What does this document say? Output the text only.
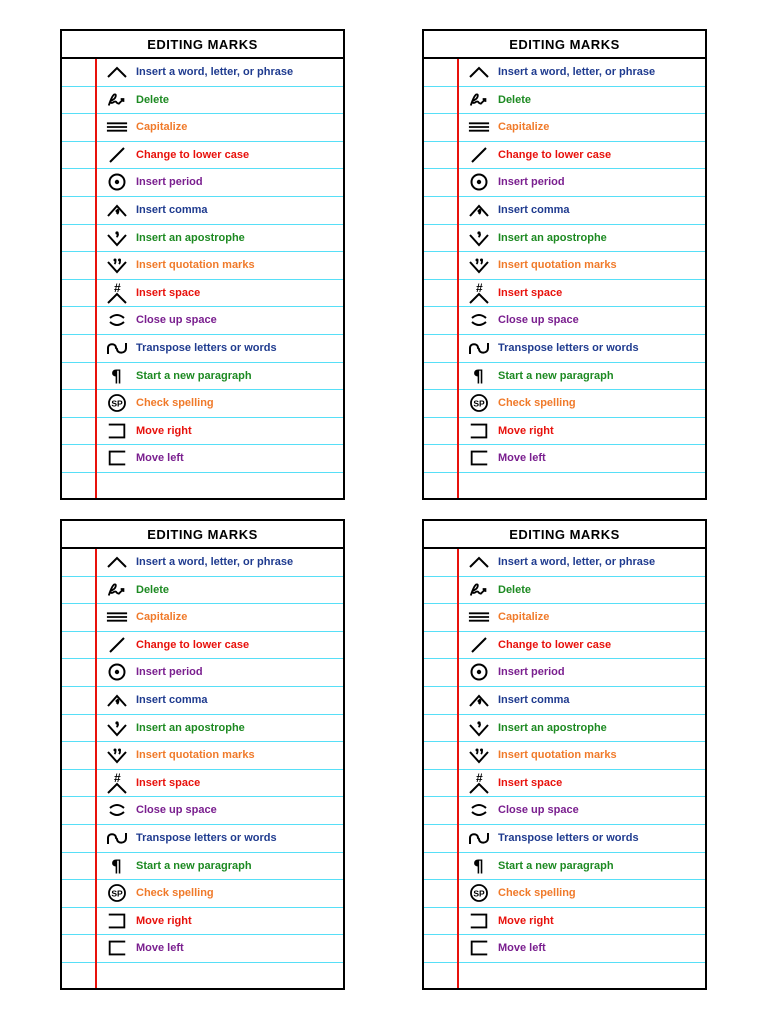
EDITING MARKS
Insert a word, letter, or phrase
Delete
Capitalize
Change to lower case
Insert period
Insert comma
Insert an apostrophe
Insert quotation marks
# Insert space
Close up space
Transpose letters or words
¶ Start a new paragraph
SP Check spelling
Move right
Move left
EDITING MARKS
Insert a word, letter, or phrase
Delete
Capitalize
Change to lower case
Insert period
Insert comma
Insert an apostrophe
Insert quotation marks
# Insert space
Close up space
Transpose letters or words
¶ Start a new paragraph
SP Check spelling
Move right
Move left
EDITING MARKS
Insert a word, letter, or phrase
Delete
Capitalize
Change to lower case
Insert period
Insert comma
Insert an apostrophe
Insert quotation marks
# Insert space
Close up space
Transpose letters or words
¶ Start a new paragraph
SP Check spelling
Move right
Move left
EDITING MARKS
Insert a word, letter, or phrase
Delete
Capitalize
Change to lower case
Insert period
Insert comma
Insert an apostrophe
Insert quotation marks
# Insert space
Close up space
Transpose letters or words
¶ Start a new paragraph
SP Check spelling
Move right
Move left
